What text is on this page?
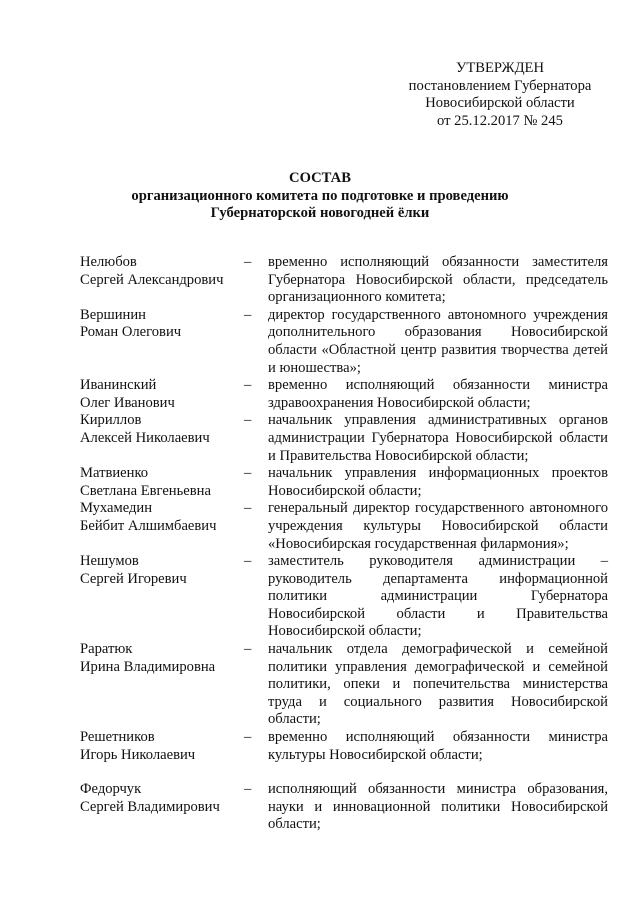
УТВЕРЖДЕН
постановлением Губернатора
Новосибирской области
от 25.12.2017 № 245
СОСТАВ
организационного комитета по подготовке и проведению
Губернаторской новогодней ёлки
Нелюбов
Сергей Александрович
–	временно исполняющий обязанности заместителя Губернатора Новосибирской области, председатель организационного комитета;
Вершинин
Роман Олегович
–	директор государственного автономного учреждения дополнительного образования Новосибирской области «Областной центр развития творчества детей и юношества»;
Иванинский
Олег Иванович
–	временно исполняющий обязанности министра здравоохранения Новосибирской области;
Кириллов
Алексей Николаевич
–	начальник управления административных органов администрации Губернатора Новосибирской области и Правительства Новосибирской области;
Матвиенко
Светлана Евгеньевна
–	начальник управления информационных проектов Новосибирской области;
Мухамедин
Бейбит Алшимбаевич
–	генеральный директор государственного автономного учреждения культуры Новосибирской области «Новосибирская государственная филармония»;
Нешумов
Сергей Игоревич
–	заместитель руководителя администрации – руководитель департамента информационной политики администрации Губернатора Новосибирской области и Правительства Новосибирской области;
Раратюк
Ирина Владимировна
–	начальник отдела демографической и семейной политики управления демографической и семейной политики, опеки и попечительства министерства труда и социального развития Новосибирской области;
Решетников
Игорь Николаевич
–	временно исполняющий обязанности министра культуры Новосибирской области;
Федорчук
Сергей Владимирович
–	исполняющий обязанности министра образования, науки и инновационной политики Новосибирской области;
